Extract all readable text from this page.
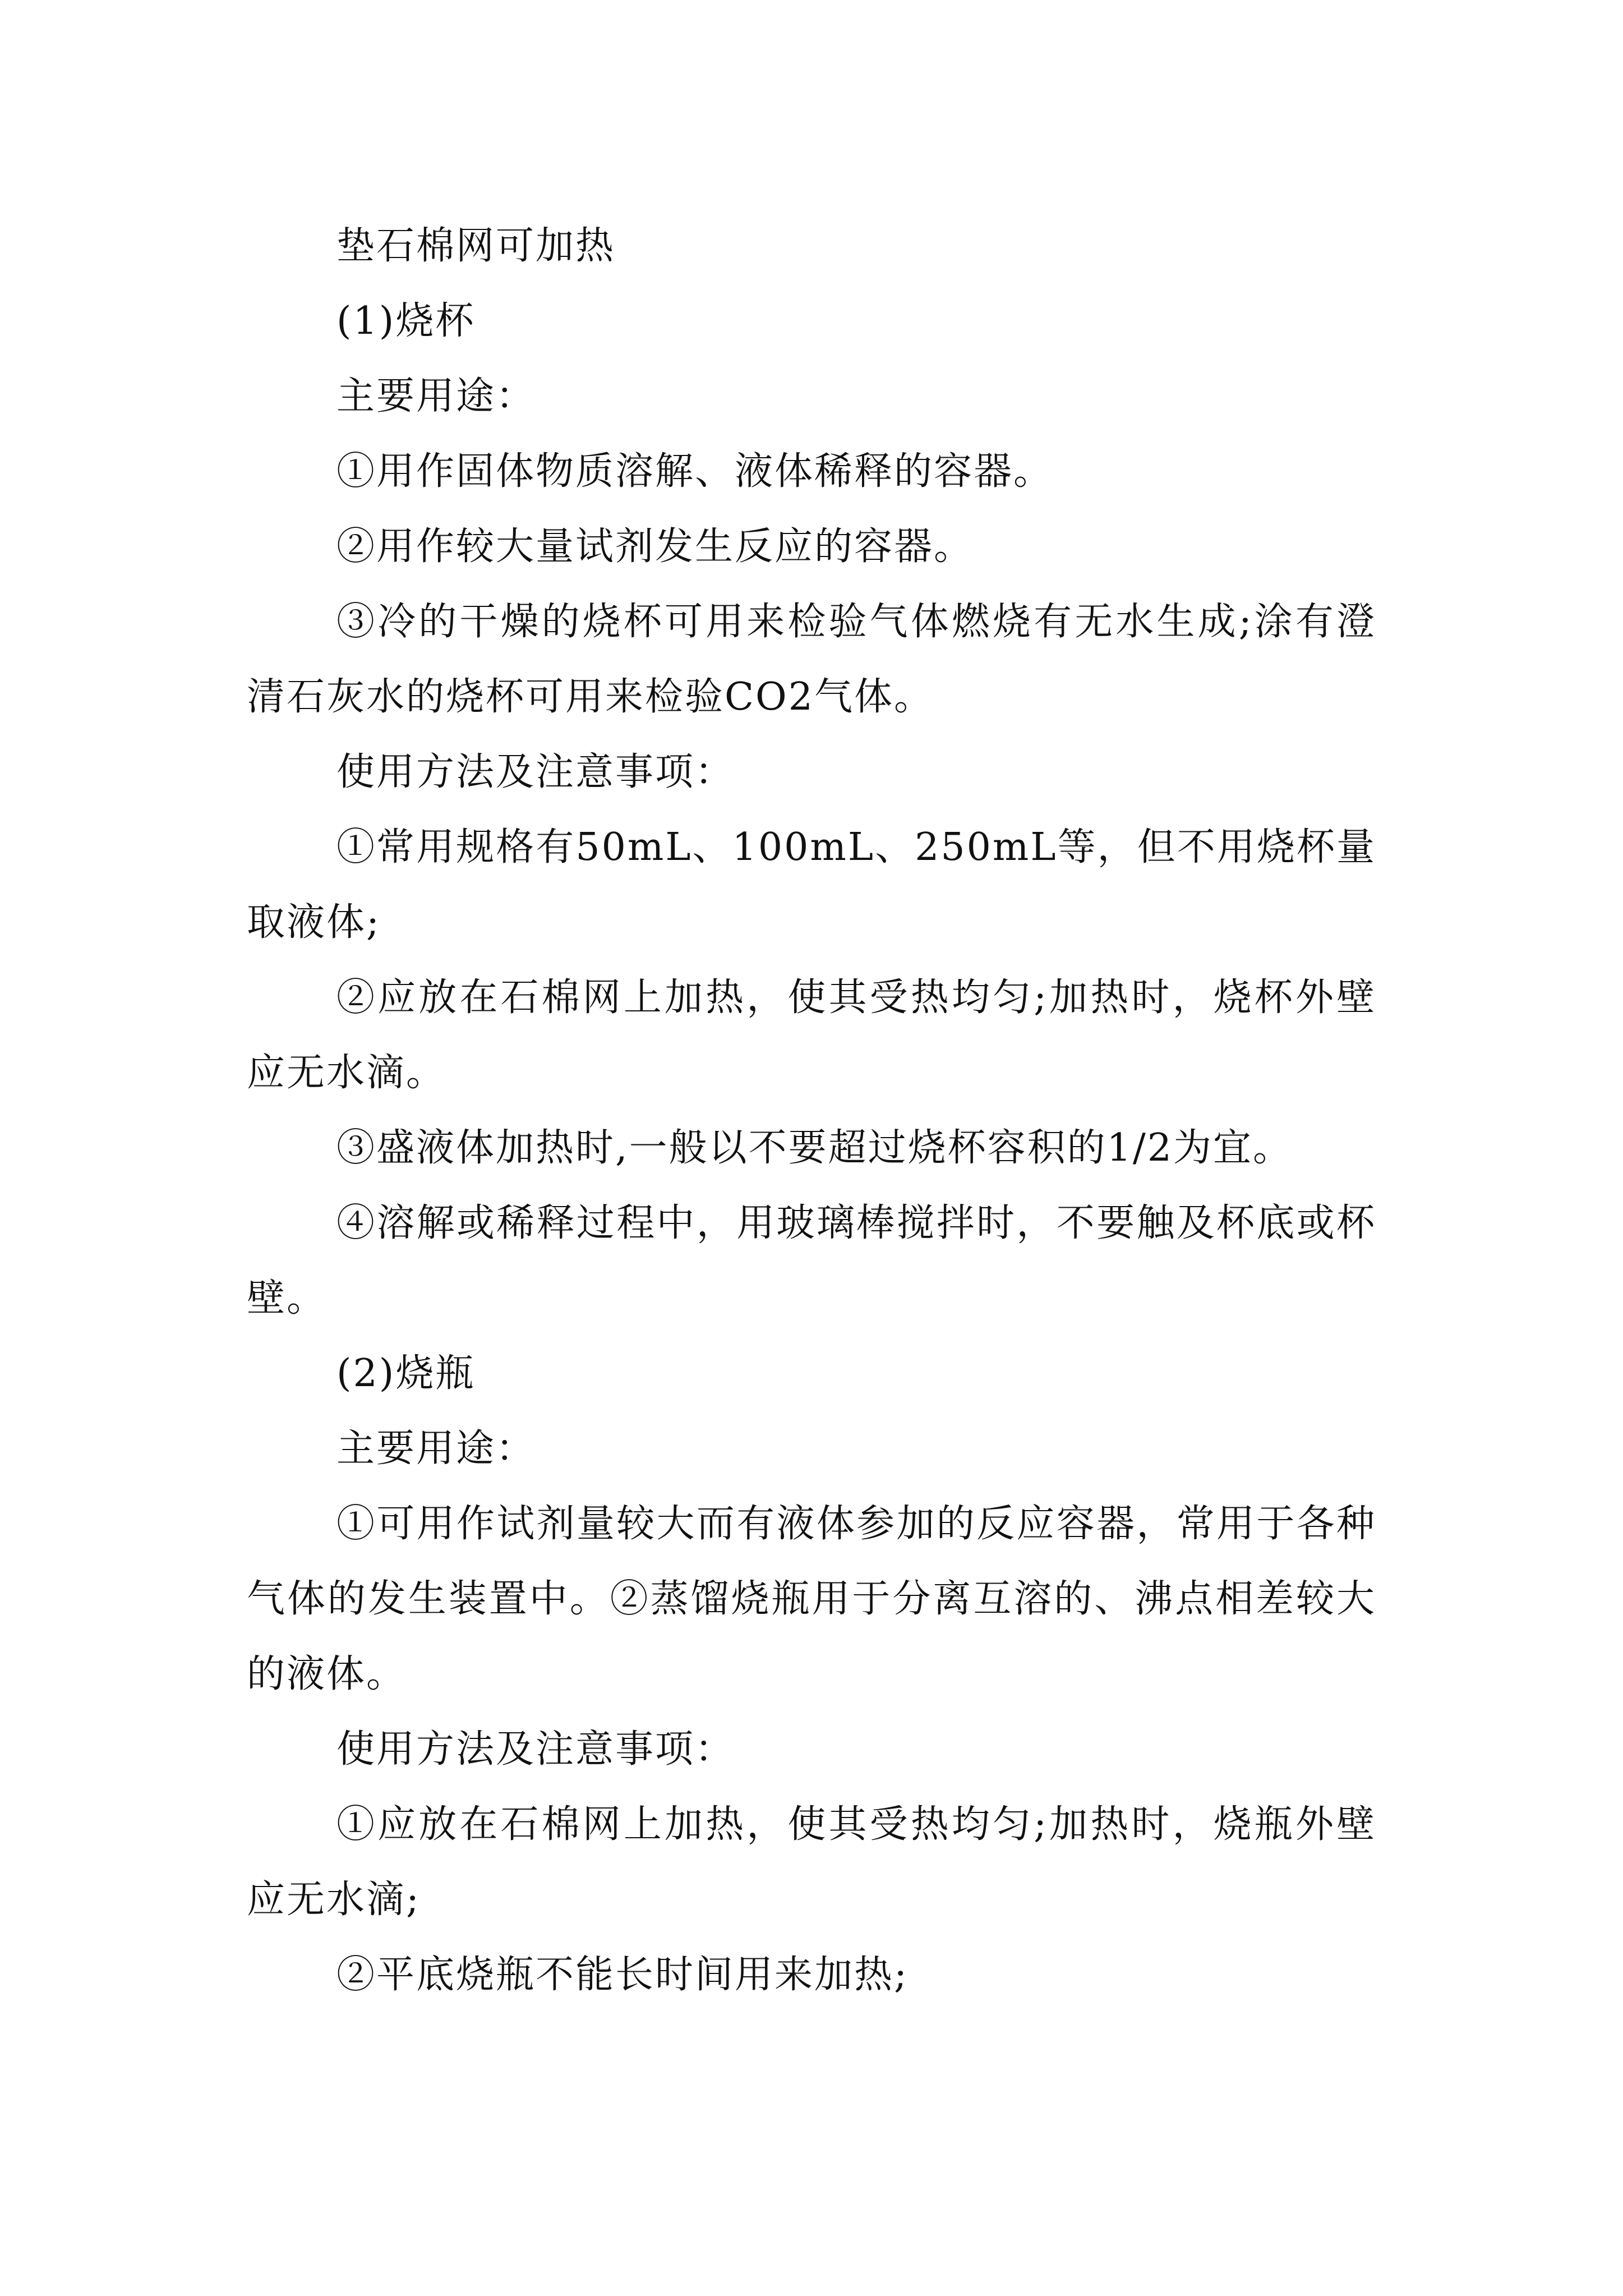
垫石棉网可加热

(1)烧杯

主要用途：

①用作固体物质溶解、液体稀释的容器。

②用作较大量试剂发生反应的容器。

③冷的干燥的烧杯可用来检验气体燃烧有无水生成;涂有澄清石灰水的烧杯可用来检验CO2气体。

使用方法及注意事项：

①常用规格有50mL、100mL、250mL等，但不用烧杯量取液体;

②应放在石棉网上加热，使其受热均匀;加热时，烧杯外壁应无水滴。

③盛液体加热时,一般以不要超过烧杯容积的1/2为宜。

④溶解或稀释过程中，用玻璃棒搅拌时，不要触及杯底或杯壁。

(2)烧瓶

主要用途：

①可用作试剂量较大而有液体参加的反应容器，常用于各种气体的发生装置中。②蒸馏烧瓶用于分离互溶的、沸点相差较大的液体。

使用方法及注意事项：

①应放在石棉网上加热，使其受热均匀;加热时，烧瓶外壁应无水滴;

②平底烧瓶不能长时间用来加热;
